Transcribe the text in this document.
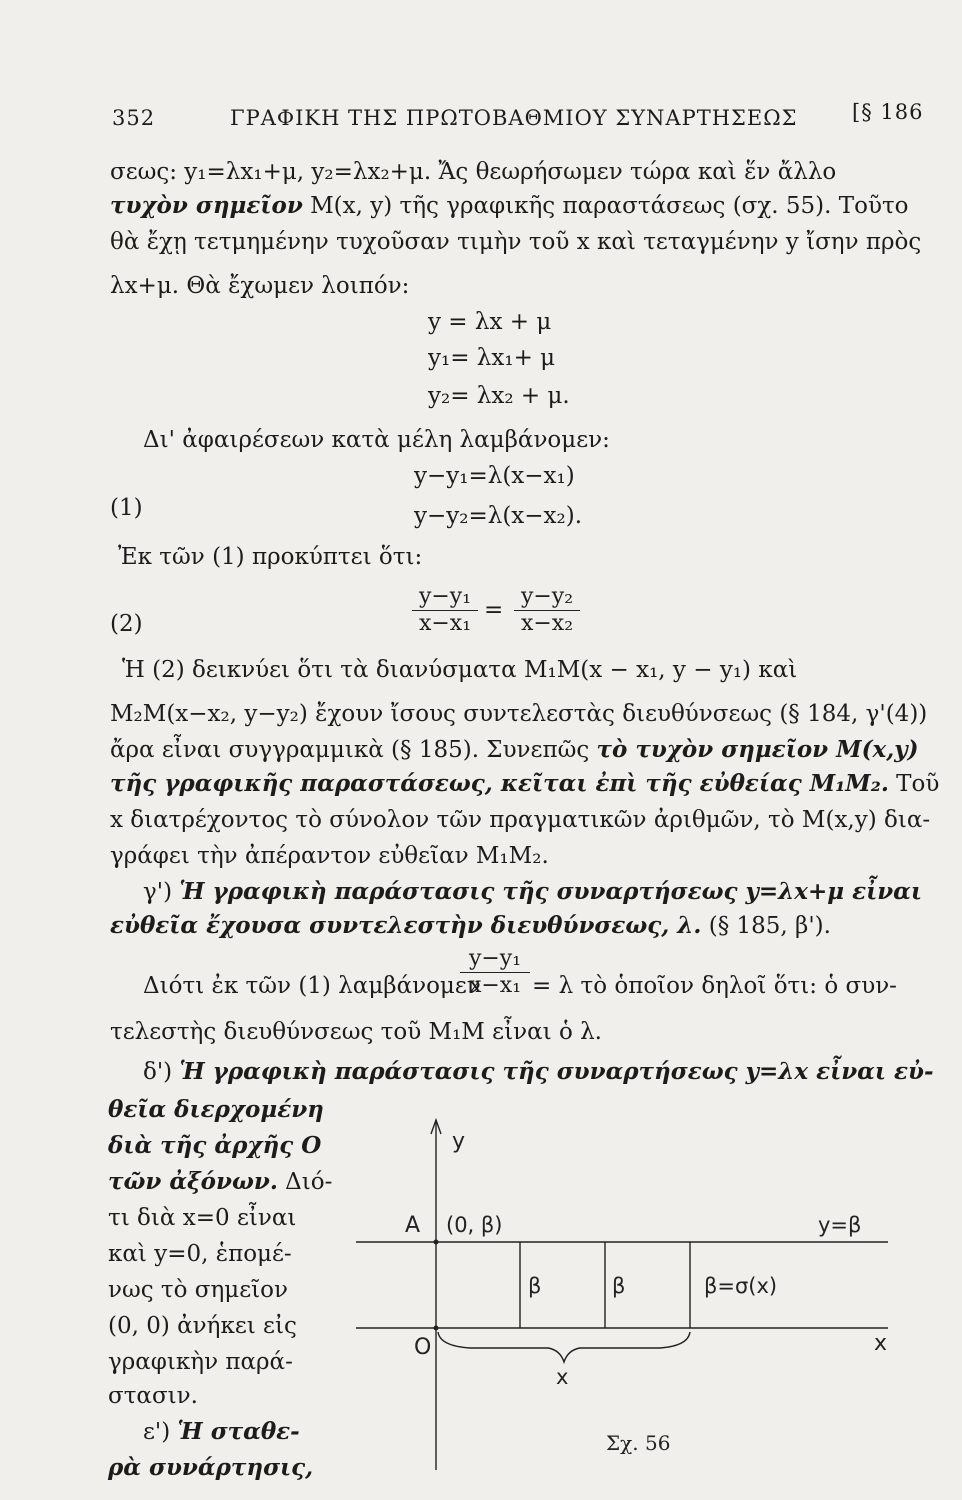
352	ΓΡΑΦΙΚΗ ΤΗΣ ΠΡΩΤΟΒΑΘΜΙΟΥ ΣΥΝΑΡΤΗΣΕΩΣ	[§ 186
σεως: y₁=λx₁+μ, y₂=λx₂+μ. Ἄς θεωρήσωμεν τώρα καὶ ἕν ἄλλο
τυχὸν σημεῖον M(x, y) τῆς γραφικῆς παραστάσεως (σχ. 55). Τοῦτο
θὰ ἔχῃ τετμημένην τυχοῦσαν τιμὴν τοῦ x καὶ τεταγμένην y ἴσην πρὸς
λx+μ. Θὰ ἔχωμεν λοιπόν:
y = λx + μ
y₁= λx₁+ μ
y₂= λx₂ + μ.
Δι' ἀφαιρέσεων κατὰ μέλη λαμβάνομεν:
(1)
y−y₁=λ(x−x₁)
y−y₂=λ(x−x₂).
Ἐκ τῶν (1) προκύπτει ὅτι:
(2)	$\frac{\text{y−y₁}}{\text{x−x₁}} = \frac{\text{y−y₂}}{\text{x−x₂}}$
Ἡ (2) δεικνύει ὅτι τὰ διανύσματα M₁M(x − x₁, y − y₁) καὶ
M₂M(x−x₂, y−y₂) ἔχουν ἴσους συντελεστὰς διευθύνσεως (§ 184, γ'(4))
ἄρα εἶναι συγγραμμικὰ (§ 185). Συνεπῶς τὸ τυχὸν σημεῖον M(x,y)
τῆς γραφικῆς παραστάσεως, κεῖται ἐπὶ τῆς εὐθείας M₁M₂. Τοῦ
x διατρέχοντος τὸ σύνολον τῶν πραγματικῶν ἀριθμῶν, τὸ M(x,y) δια-
γράφει τὴν ἀπέραντον εὐθεῖαν M₁M₂.
γ') Ἡ γραφικὴ παράστασις τῆς συναρτήσεως y=λx+μ εἶναι
εὐθεῖα ἔχουσα συντελεστὴν διευθύνσεως, λ. (§ 185, β').
Διότι ἐκ τῶν (1) λαμβάνομεν
$\frac{\text{y−y₁}}{\text{x−x₁}} = \lambda$ τὸ ὁποῖον δηλοῖ ὅτι: ὁ συν-
τελεστὴς διευθύνσεως τοῦ M₁M εἶναι ὁ λ.
δ') Ἡ γραφικὴ παράστασις τῆς συναρτήσεως y=λx εἶναι εὐ-
θεῖα διερχομένη
διὰ τῆς ἀρχῆς O
τῶν ἀξόνων. Διό-
τι διὰ x=0 εἶναι
καὶ y=0, ἑπομέ-
νως τὸ σημεῖον
(0, 0) ἀνήκει εἰς
γραφικὴν παρά-
στασιν.
ε') Ἡ σταθε-
ρὰ συνάρτησις,
y
A (0, β)	y=β
β	β	β=σ(x)
O	x
x
Σχ. 56
